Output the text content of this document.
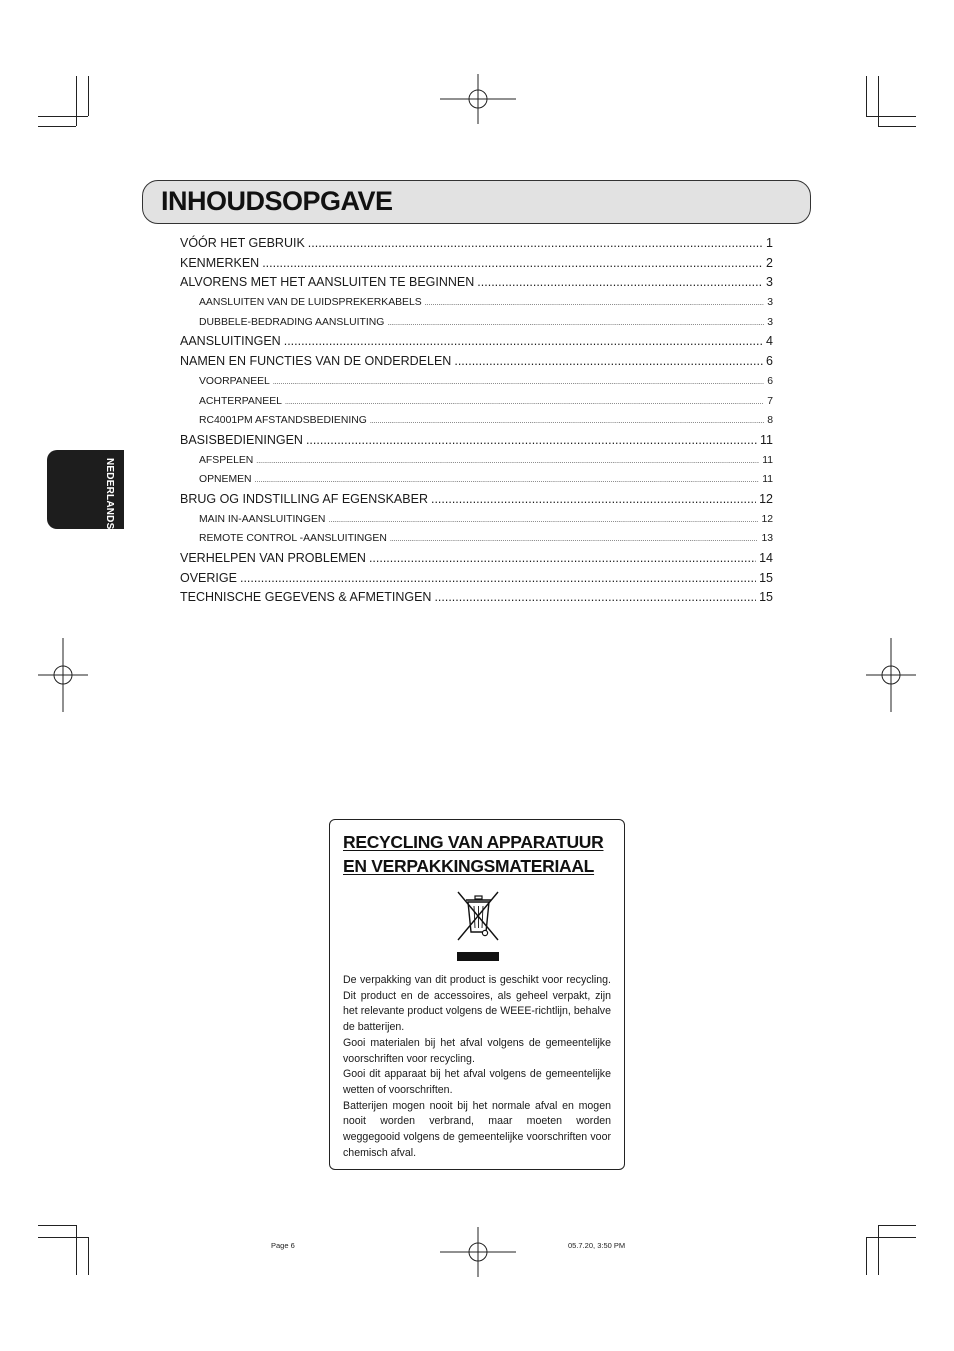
INHOUDSOPGAVE
NEDERLANDS
VÓÓR HET GEBRUIK .....	1
KENMERKEN .....	2
ALVORENS MET HET AANSLUITEN TE BEGINNEN .....	3
AANSLUITEN VAN DE LUIDSPREKERKABELS .....	3
DUBBELE-BEDRADING AANSLUITING .....	3
AANSLUITINGEN .....	4
NAMEN EN FUNCTIES VAN DE ONDERDELEN .....	6
VOORPANEEL .....	6
ACHTERPANEEL .....	7
RC4001PM AFSTANDSBEDIENING .....	8
BASISBEDIENINGEN .....	11
AFSPELEN .....	11
OPNEMEN .....	11
BRUG OG INDSTILLING AF EGENSKABER .....	12
MAIN IN-AANSLUITINGEN .....	12
REMOTE CONTROL -AANSLUITINGEN .....	13
VERHELPEN VAN PROBLEMEN .....	14
OVERIGE .....	15
TECHNISCHE GEGEVENS & AFMETINGEN .....	15
RECYCLING VAN APPARATUUR
EN VERPAKKINGSMATERIAAL

De verpakking van dit product is geschikt voor recycling. Dit product en de accessoires, als geheel verpakt, zijn het relevante product volgens de WEEE-richtlijn, behalve de batterijen.

Gooi materialen bij het afval volgens de gemeentelijke voorschriften voor recycling.

Gooi dit apparaat bij het afval volgens de gemeentelijke wetten of voorschriften.

Batterijen mogen nooit bij het normale afval en mogen nooit worden verbrand, maar moeten worden weggegooid volgens de gemeentelijke voorschriften voor chemisch afval.

Page 6	05.7.20, 3:50 PM
